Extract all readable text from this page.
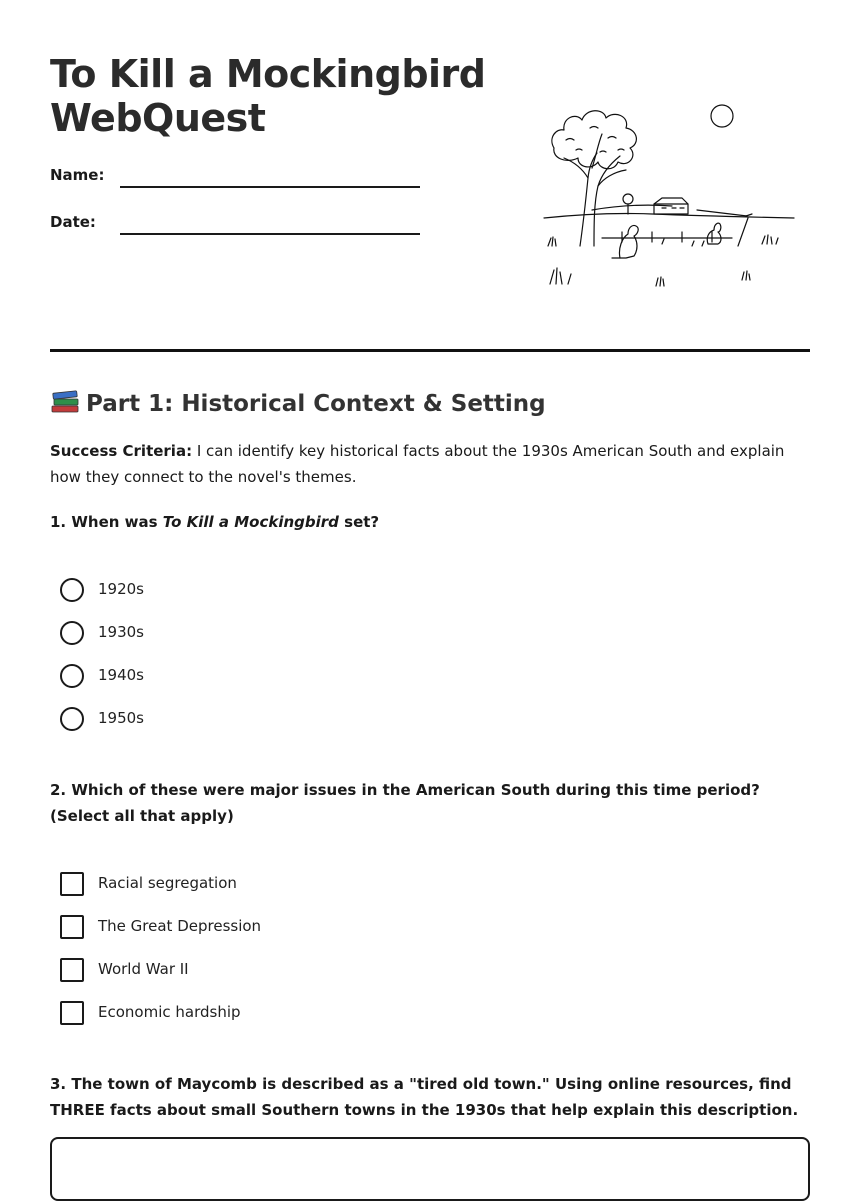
To Kill a Mockingbird WebQuest
Name:
Date:
Part 1: Historical Context & Setting

Success Criteria: I can identify key historical facts about the 1930s American South and explain how they connect to the novel's themes.

1. When was To Kill a Mockingbird set?

1920s
1930s
1940s
1950s

2. Which of these were major issues in the American South during this time period? (Select all that apply)

Racial segregation
The Great Depression
World War II
Economic hardship

3. The town of Maycomb is described as a "tired old town." Using online resources, find THREE facts about small Southern towns in the 1930s that help explain this description.
